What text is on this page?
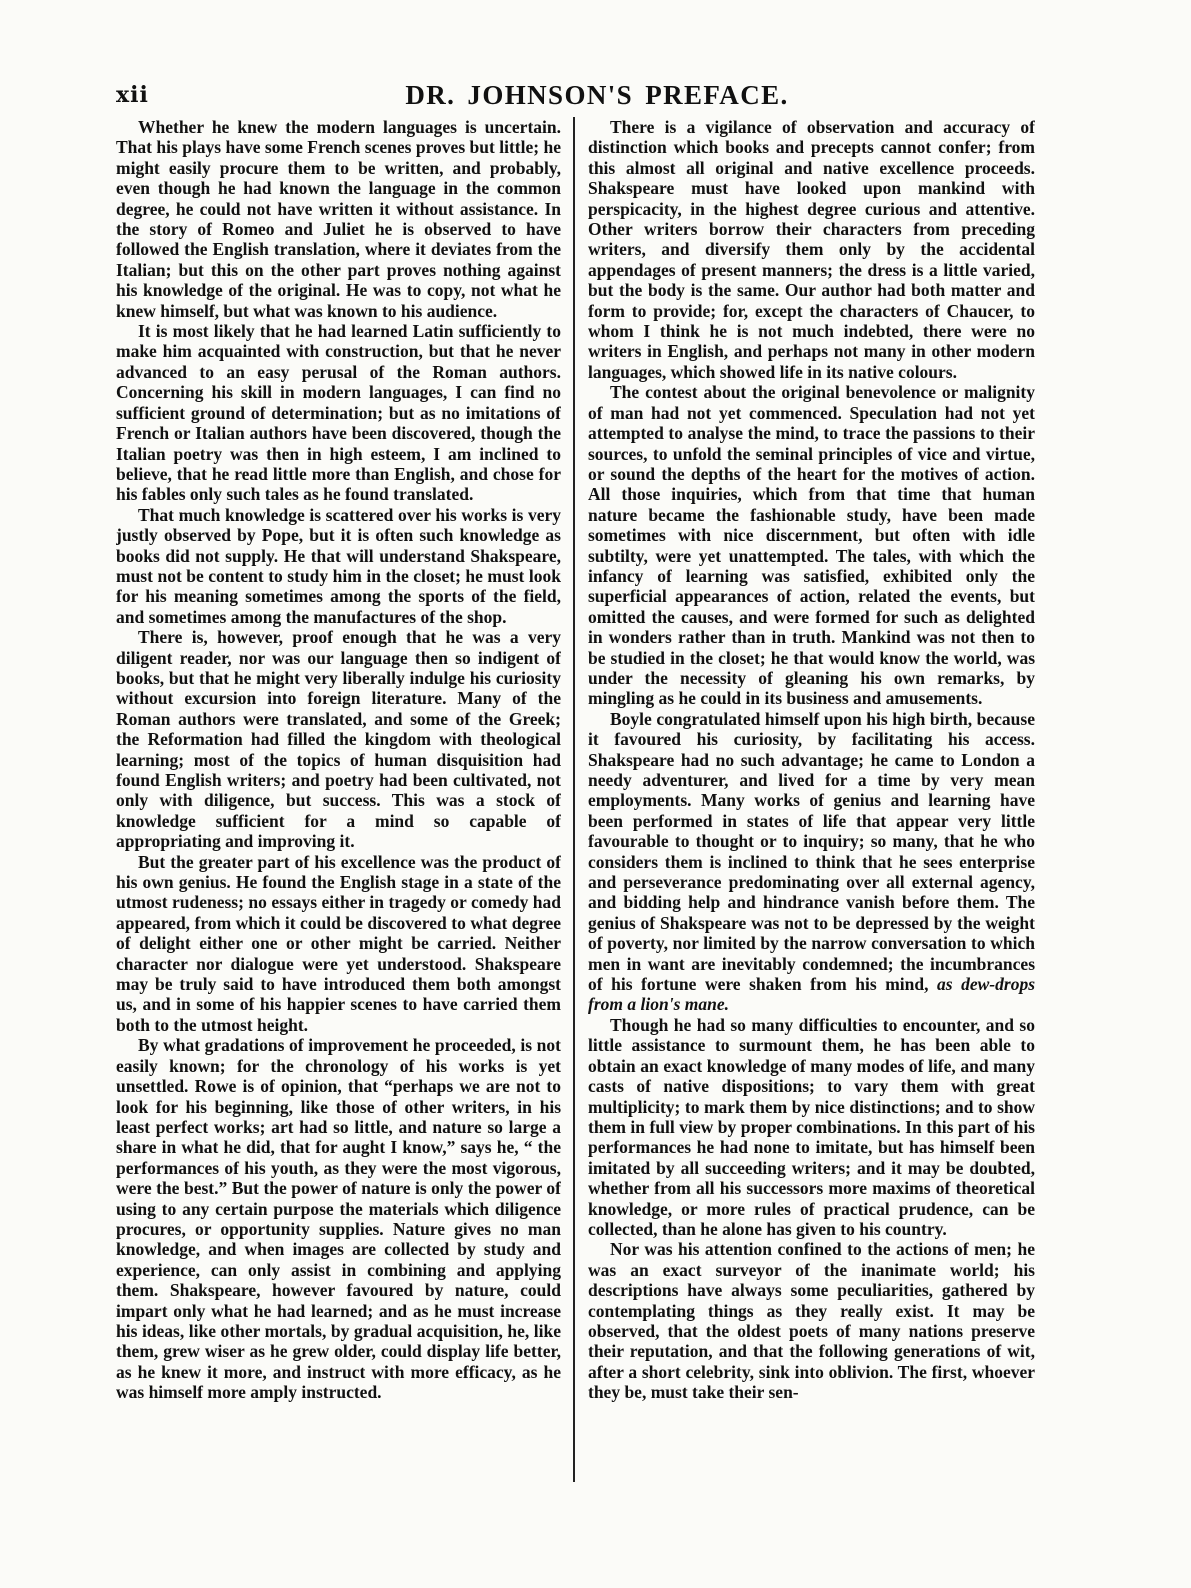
xii	DR. JOHNSON'S PREFACE.

Whether he knew the modern languages is uncertain. That his plays have some French scenes proves but little; he might easily procure them to be written, and probably, even though he had known the language in the common degree, he could not have written it without assistance. In the story of Romeo and Juliet he is observed to have followed the English translation, where it deviates from the Italian; but this on the other part proves nothing against his knowledge of the original. He was to copy, not what he knew himself, but what was known to his audience.

It is most likely that he had learned Latin sufficiently to make him acquainted with construction, but that he never advanced to an easy perusal of the Roman authors. Concerning his skill in modern languages, I can find no sufficient ground of determination; but as no imitations of French or Italian authors have been discovered, though the Italian poetry was then in high esteem, I am inclined to believe, that he read little more than English, and chose for his fables only such tales as he found translated.

That much knowledge is scattered over his works is very justly observed by Pope, but it is often such knowledge as books did not supply. He that will understand Shakspeare, must not be content to study him in the closet; he must look for his meaning sometimes among the sports of the field, and sometimes among the manufactures of the shop.

There is, however, proof enough that he was a very diligent reader, nor was our language then so indigent of books, but that he might very liberally indulge his curiosity without excursion into foreign literature. Many of the Roman authors were translated, and some of the Greek; the Reformation had filled the kingdom with theological learning; most of the topics of human disquisition had found English writers; and poetry had been cultivated, not only with diligence, but success. This was a stock of knowledge sufficient for a mind so capable of appropriating and improving it.

But the greater part of his excellence was the product of his own genius. He found the English stage in a state of the utmost rudeness; no essays either in tragedy or comedy had appeared, from which it could be discovered to what degree of delight either one or other might be carried. Neither character nor dialogue were yet understood. Shakspeare may be truly said to have introduced them both amongst us, and in some of his happier scenes to have carried them both to the utmost height.

By what gradations of improvement he proceeded, is not easily known; for the chronology of his works is yet unsettled. Rowe is of opinion, that “perhaps we are not to look for his beginning, like those of other writers, in his least perfect works; art had so little, and nature so large a share in what he did, that for aught I know,” says he, “ the performances of his youth, as they were the most vigorous, were the best.” But the power of nature is only the power of using to any certain purpose the materials which diligence procures, or opportunity supplies. Nature gives no man knowledge, and when images are collected by study and experience, can only assist in combining and applying them. Shakspeare, however favoured by nature, could impart only what he had learned; and as he must increase his ideas, like other mortals, by gradual acquisition, he, like them, grew wiser as he grew older, could display life better, as he knew it more, and instruct with more efficacy, as he was himself more amply instructed.

There is a vigilance of observation and accuracy of distinction which books and precepts cannot confer; from this almost all original and native excellence proceeds. Shakspeare must have looked upon mankind with perspicacity, in the highest degree curious and attentive. Other writers borrow their characters from preceding writers, and diversify them only by the accidental appendages of present manners; the dress is a little varied, but the body is the same. Our author had both matter and form to provide; for, except the characters of Chaucer, to whom I think he is not much indebted, there were no writers in English, and perhaps not many in other modern languages, which showed life in its native colours.

The contest about the original benevolence or malignity of man had not yet commenced. Speculation had not yet attempted to analyse the mind, to trace the passions to their sources, to unfold the seminal principles of vice and virtue, or sound the depths of the heart for the motives of action. All those inquiries, which from that time that human nature became the fashionable study, have been made sometimes with nice discernment, but often with idle subtilty, were yet unattempted. The tales, with which the infancy of learning was satisfied, exhibited only the superficial appearances of action, related the events, but omitted the causes, and were formed for such as delighted in wonders rather than in truth. Mankind was not then to be studied in the closet; he that would know the world, was under the necessity of gleaning his own remarks, by mingling as he could in its business and amusements.

Boyle congratulated himself upon his high birth, because it favoured his curiosity, by facilitating his access. Shakspeare had no such advantage; he came to London a needy adventurer, and lived for a time by very mean employments. Many works of genius and learning have been performed in states of life that appear very little favourable to thought or to inquiry; so many, that he who considers them is inclined to think that he sees enterprise and perseverance predominating over all external agency, and bidding help and hindrance vanish before them. The genius of Shakspeare was not to be depressed by the weight of poverty, nor limited by the narrow conversation to which men in want are inevitably condemned; the incumbrances of his fortune were shaken from his mind, as dew-drops from a lion's mane.

Though he had so many difficulties to encounter, and so little assistance to surmount them, he has been able to obtain an exact knowledge of many modes of life, and many casts of native dispositions; to vary them with great multiplicity; to mark them by nice distinctions; and to show them in full view by proper combinations. In this part of his performances he had none to imitate, but has himself been imitated by all succeeding writers; and it may be doubted, whether from all his successors more maxims of theoretical knowledge, or more rules of practical prudence, can be collected, than he alone has given to his country.

Nor was his attention confined to the actions of men; he was an exact surveyor of the inanimate world; his descriptions have always some peculiarities, gathered by contemplating things as they really exist. It may be observed, that the oldest poets of many nations preserve their reputation, and that the following generations of wit, after a short celebrity, sink into oblivion. The first, whoever they be, must take their sen-
